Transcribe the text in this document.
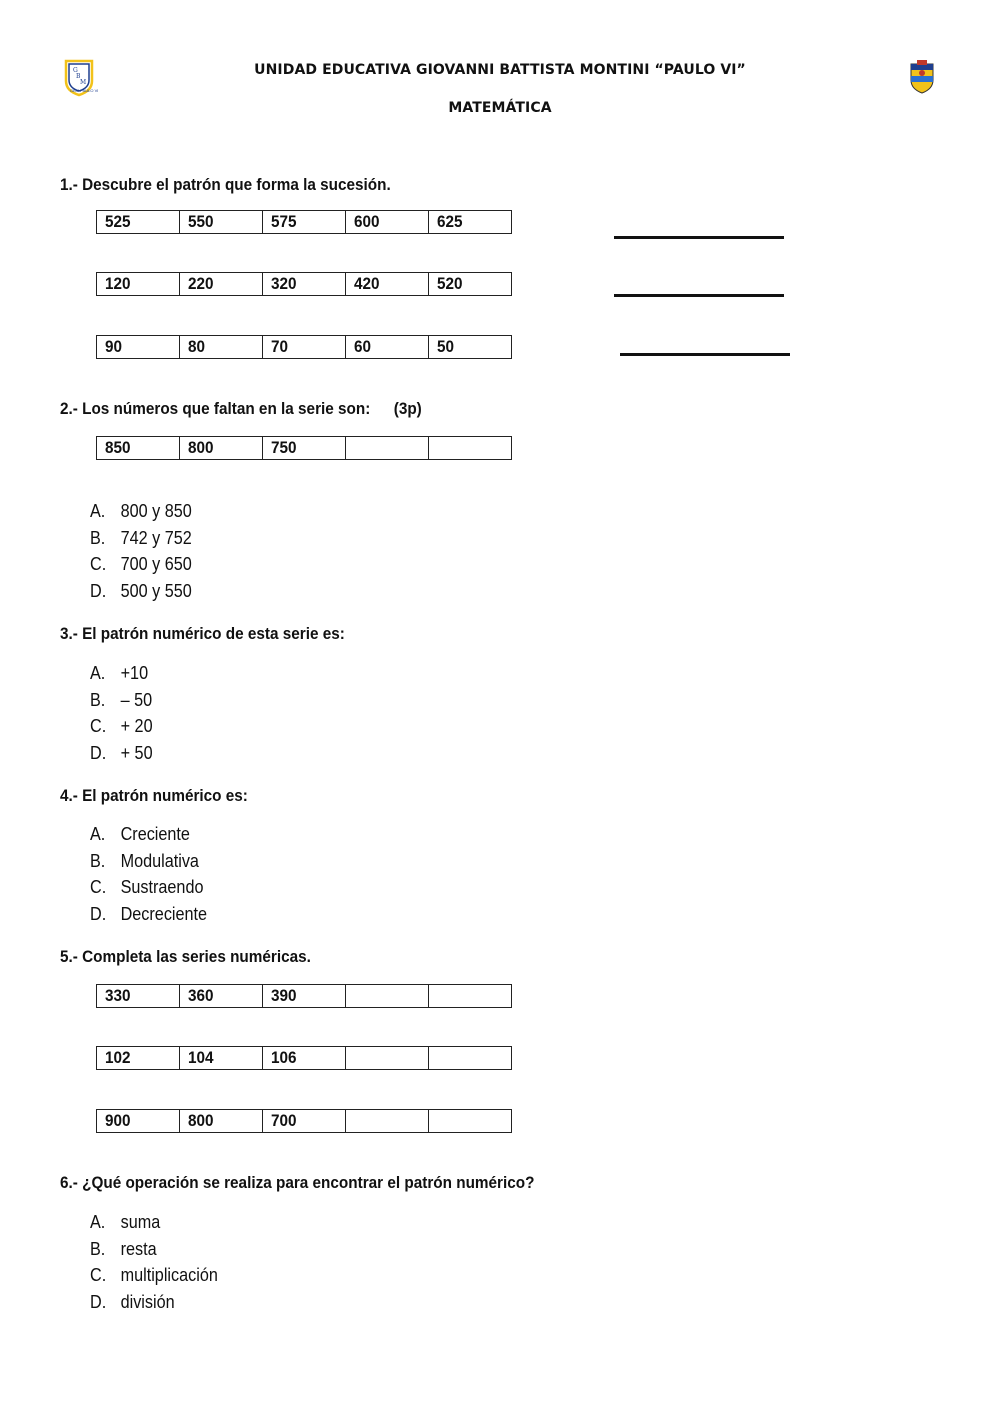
G
B
M
GBM PAULO VI
UNIDAD EDUCATIVA GIOVANNI BATTISTA MONTINI “PAULO VI”
MATEMÁTICA
1.- Descubre el patrón que forma la sucesión.
525	550	575	600	625
120	220	320	420	520
90	80	70	60	50
2.- Los números que faltan en la serie son: (3p)
850	800	750		
A. 800 y 850
B. 742 y 752
C. 700 y 650
D. 500 y 550
3.- El patrón numérico de esta serie es:
A. +10
B. – 50
C. + 20
D. + 50
4.- El patrón numérico es:
A. Creciente
B. Modulativa
C. Sustraendo
D. Decreciente
5.- Completa las series numéricas.
330	360	390		
102	104	106		
900	800	700		
6.- ¿Qué operación se realiza para encontrar el patrón numérico?
A. suma
B. resta
C. multiplicación
D. división
